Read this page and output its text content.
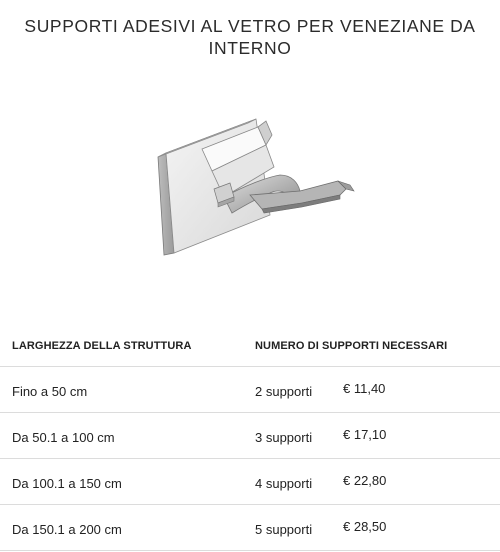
SUPPORTI ADESIVI AL VETRO PER VENEZIANE DA INTERNO
LARGHEZZA DELLA STRUTTURA	NUMERO DI SUPPORTI NECESSARI
Fino a 50 cm	2 supporti € 11,40
Da 50.1 a 100 cm	3 supporti € 17,10
Da 100.1 a 150 cm	4 supporti € 22,80
Da 150.1 a 200 cm	5 supporti € 28,50
